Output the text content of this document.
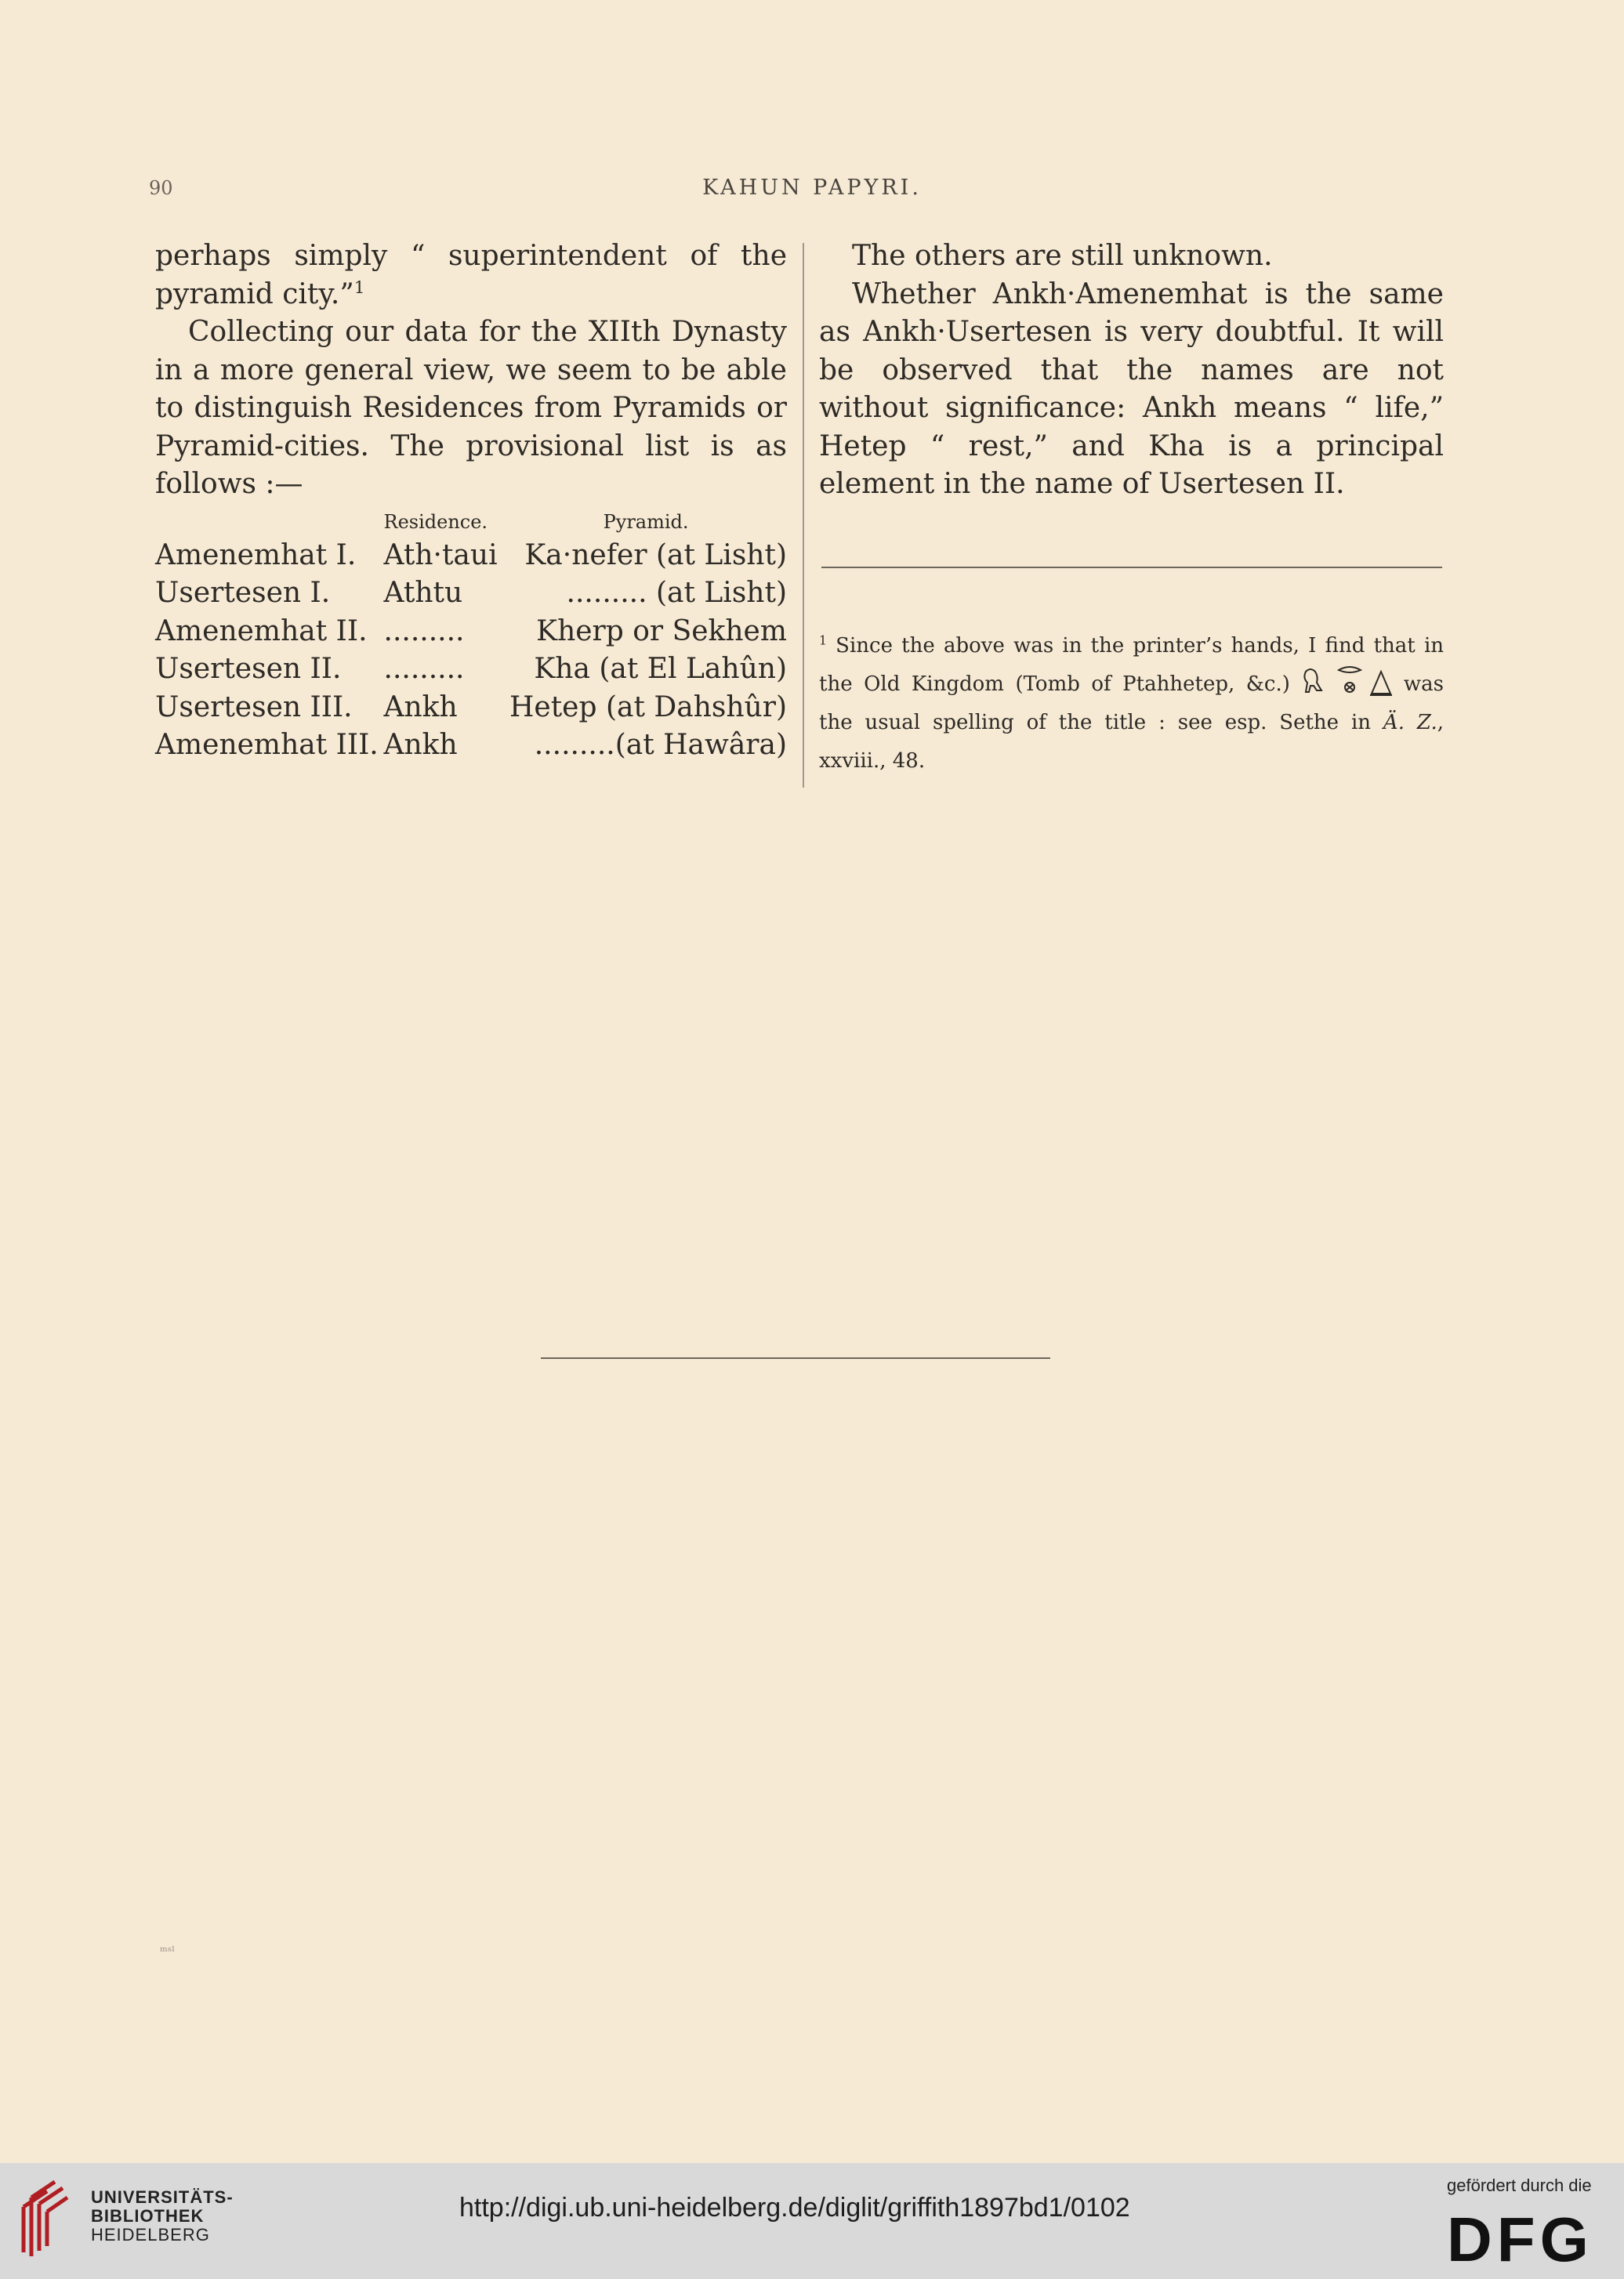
90	KAHUN PAPYRI.

perhaps simply “ superintendent of the pyramid city.”$^1$

Collecting our data for the XIIth Dynasty in a more general view, we seem to be able to distinguish Residences from Pyramids or Pyramid-cities. The provisional list is as follows :—

	Residence.	Pyramid.
Amenemhat I.	Ath·taui	Ka·nefer (at Lisht)
Usertesen I.	Athtu	......... (at Lisht)
Amenemhat II.	.........	Kherp or Sekhem
Usertesen II.	.........	Kha (at El Lahûn)
Usertesen III.	Ankh	Hetep (at Dahshûr)
Amenemhat III.	Ankh	.........(at Hawâra)

The others are still unknown.

Whether Ankh·Amenemhat is the same as Ankh·Usertesen is very doubtful. It will be observed that the names are not without significance: Ankh means “ life,” Hetep “ rest,” and Kha is a principal element in the name of Usertesen II.

$^1$ Since the above was in the printer’s hands, I find that in the Old Kingdom (Tomb of Ptahhetep, &c.)	was the usual spelling of the title : see esp. Sethe in Ä. Z., xxviii., 48.
ᵐˢˡ
UNIVERSITÄTS-
BIBLIOTHEK
HEIDELBERG
http://digi.ub.uni-heidelberg.de/diglit/griffith1897bd1/0102
gefördert durch die
DFG
